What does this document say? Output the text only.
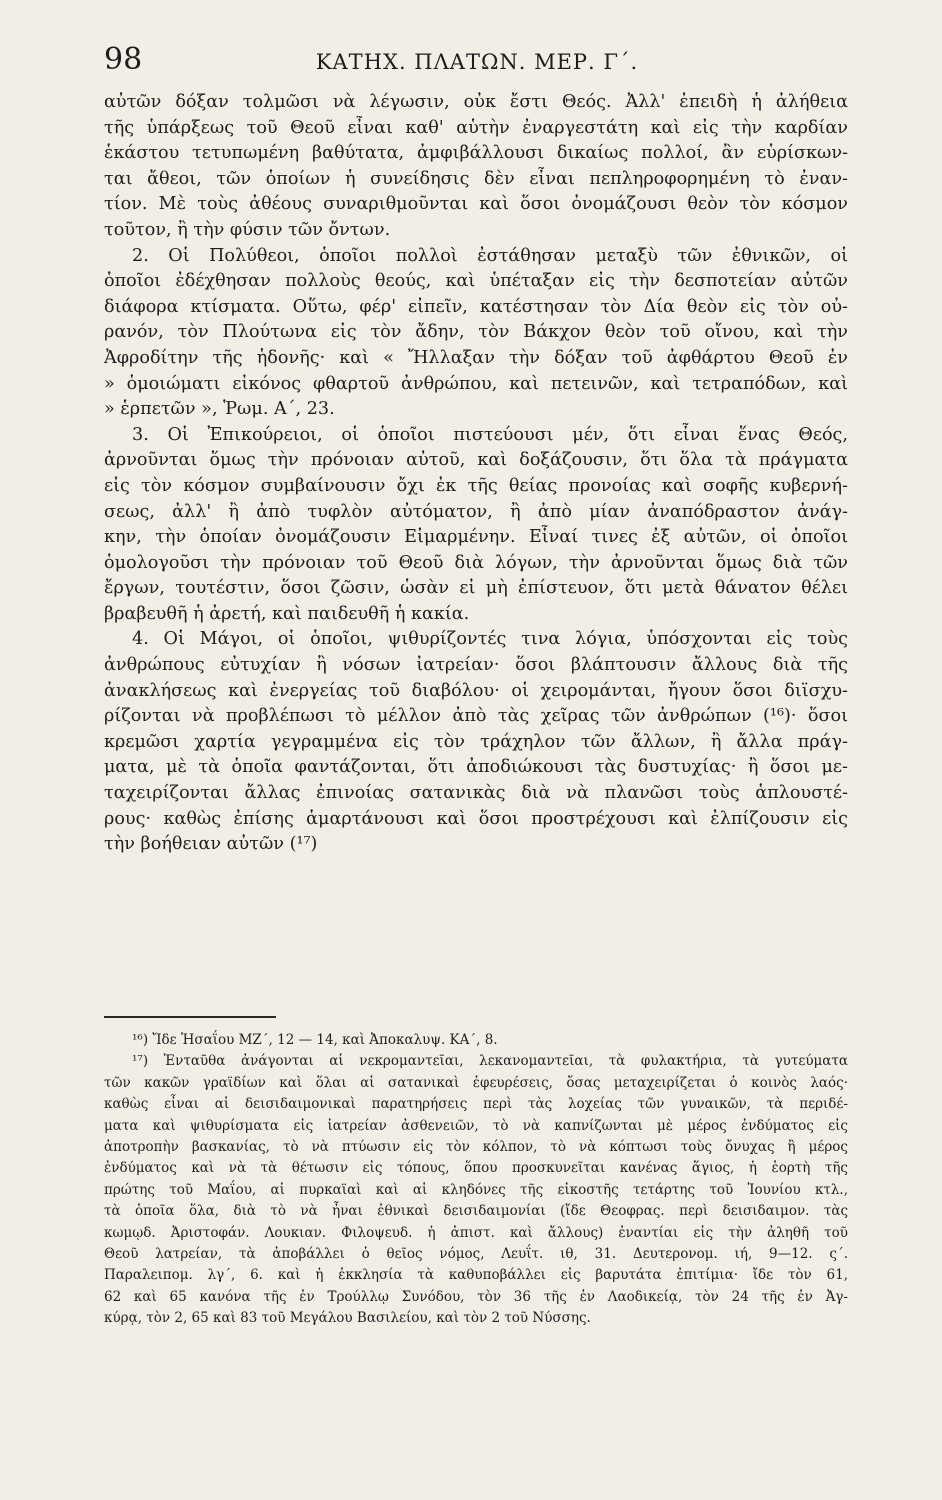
98	ΚΑΤΗΧ. ΠΛΑΤΩΝ. ΜΕΡ. Γ΄.
αὐτῶν δόξαν τολμῶσι νὰ λέγωσιν, οὐκ ἔστι Θεός. Ἀλλ' ἐπειδὴ ἡ ἀλήθεια
τῆς ὑπάρξεως τοῦ Θεοῦ εἶναι καθ' αὑτὴν ἐναργεστάτη καὶ εἰς τὴν καρδίαν
ἑκάστου τετυπωμένη βαθύτατα, ἀμφιβάλλουσι δικαίως πολλοί, ἂν εὑρίσκων-
ται ἄθεοι, τῶν ὁποίων ἡ συνείδησις δὲν εἶναι πεπληροφορημένη τὸ ἐναν-
τίον. Μὲ τοὺς ἀθέους συναριθμοῦνται καὶ ὅσοι ὀνομάζουσι θεὸν τὸν κόσμον
τοῦτον, ἢ τὴν φύσιν τῶν ὄντων.
2. Οἱ Πολύθεοι, ὁποῖοι πολλοὶ ἐστάθησαν μεταξὺ τῶν ἐθνικῶν, οἱ
ὁποῖοι ἐδέχθησαν πολλοὺς θεούς, καὶ ὑπέταξαν εἰς τὴν δεσποτείαν αὐτῶν
διάφορα κτίσματα. Οὕτω, φέρ' εἰπεῖν, κατέστησαν τὸν Δία θεὸν εἰς τὸν οὐ-
ρανόν, τὸν Πλούτωνα εἰς τὸν ἄδην, τὸν Βάκχον θεὸν τοῦ οἴνου, καὶ τὴν
Ἀφροδίτην τῆς ἡδονῆς· καὶ « Ἤλλαξαν τὴν δόξαν τοῦ ἀφθάρτου Θεοῦ ἐν
» ὁμοιώματι εἰκόνος φθαρτοῦ ἀνθρώπου, καὶ πετεινῶν, καὶ τετραπόδων, καὶ
» ἑρπετῶν », Ῥωμ. Α΄, 23.
3. Οἱ Ἐπικούρειοι, οἱ ὁποῖοι πιστεύουσι μέν, ὅτι εἶναι ἕνας Θεός,
ἀρνοῦνται ὅμως τὴν πρόνοιαν αὐτοῦ, καὶ δοξάζουσιν, ὅτι ὅλα τὰ πράγματα
εἰς τὸν κόσμον συμβαίνουσιν ὄχι ἐκ τῆς θείας προνοίας καὶ σοφῆς κυβερνή-
σεως, ἀλλ' ἢ ἀπὸ τυφλὸν αὐτόματον, ἢ ἀπὸ μίαν ἀναπόδραστον ἀνάγ-
κην, τὴν ὁποίαν ὀνομάζουσιν Εἱμαρμένην. Εἶναί τινες ἐξ αὐτῶν, οἱ ὁποῖοι
ὁμολογοῦσι τὴν πρόνοιαν τοῦ Θεοῦ διὰ λόγων, τὴν ἀρνοῦνται ὅμως διὰ τῶν
ἔργων, τουτέστιν, ὅσοι ζῶσιν, ὡσὰν εἰ μὴ ἐπίστευον, ὅτι μετὰ θάνατον θέλει
βραβευθῆ ἡ ἀρετή, καὶ παιδευθῆ ἡ κακία.
4. Οἱ Μάγοι, οἱ ὁποῖοι, ψιθυρίζοντές τινα λόγια, ὑπόσχονται εἰς τοὺς
ἀνθρώπους εὐτυχίαν ἢ νόσων ἰατρείαν· ὅσοι βλάπτουσιν ἄλλους διὰ τῆς
ἀνακλήσεως καὶ ἐνεργείας τοῦ διαβόλου· οἱ χειρομάνται, ἤγουν ὅσοι διϊσχυ-
ρίζονται νὰ προβλέπωσι τὸ μέλλον ἀπὸ τὰς χεῖρας τῶν ἀνθρώπων (¹⁶)· ὅσοι
κρεμῶσι χαρτία γεγραμμένα εἰς τὸν τράχηλον τῶν ἄλλων, ἢ ἄλλα πράγ-
ματα, μὲ τὰ ὁποῖα φαντάζονται, ὅτι ἀποδιώκουσι τὰς δυστυχίας· ἢ ὅσοι με-
ταχειρίζονται ἄλλας ἐπινοίας σατανικὰς διὰ νὰ πλανῶσι τοὺς ἁπλουστέ-
ρους· καθὼς ἐπίσης ἁμαρτάνουσι καὶ ὅσοι προστρέχουσι καὶ ἐλπίζουσιν εἰς
τὴν βοήθειαν αὐτῶν (¹⁷)
¹⁶) Ἴδε Ἡσαΐου ΜΖ΄, 12 — 14, καὶ Ἀποκαλυψ. ΚΑ΄, 8.
¹⁷) Ἐνταῦθα ἀνάγονται αἱ νεκρομαντεῖαι, λεκανομαντεῖαι, τὰ φυλακτήρια, τὰ γυτεύματα
τῶν κακῶν γραϊδίων καὶ ὅλαι αἱ σατανικαὶ ἐφευρέσεις, ὅσας μεταχειρίζεται ὁ κοινὸς λαός·
καθὼς εἶναι αἱ δεισιδαιμονικαὶ παρατηρήσεις περὶ τὰς λοχείας τῶν γυναικῶν, τὰ περιδέ-
ματα καὶ ψιθυρίσματα εἰς ἰατρείαν ἀσθενειῶν, τὸ νὰ καπνίζωνται μὲ μέρος ἐνδύματος εἰς
ἀποτροπὴν βασκανίας, τὸ νὰ πτύωσιν εἰς τὸν κόλπον, τὸ νὰ κόπτωσι τοὺς ὄνυχας ἢ μέρος
ἐνδύματος καὶ νὰ τὰ θέτωσιν εἰς τόπους, ὅπου προσκυνεῖται κανένας ἅγιος, ἡ ἑορτὴ τῆς
πρώτης τοῦ Μαΐου, αἱ πυρκαϊαὶ καὶ αἱ κληδόνες τῆς εἰκοστῆς τετάρτης τοῦ Ἰουνίου κτλ.,
τὰ ὁποῖα ὅλα, διὰ τὸ νὰ ἦναι ἐθνικαὶ δεισιδαιμονίαι (ἴδε Θεοφρας. περὶ δεισιδαιμον. τὰς
κωμῳδ. Ἀριστοφάν. Λουκιαν. Φιλοψευδ. ἡ ἀπιστ. καὶ ἄλλους) ἐναντίαι εἰς τὴν ἀληθῆ τοῦ
Θεοῦ λατρείαν, τὰ ἀποβάλλει ὁ θεῖος νόμος, Λευΐτ. ιθ, 31. Δευτερονομ. ιή, 9—12. ς΄.
Παραλειπομ. λγ΄, 6. καὶ ἡ ἐκκλησία τὰ καθυποβάλλει εἰς βαρυτάτα ἐπιτίμια· ἴδε τὸν 61,
62 καὶ 65 κανόνα τῆς ἐν Τρούλλῳ Συνόδου, τὸν 36 τῆς ἐν Λαοδικείᾳ, τὸν 24 τῆς ἐν Ἀγ-
κύρᾳ, τὸν 2, 65 καὶ 83 τοῦ Μεγάλου Βασιλείου, καὶ τὸν 2 τοῦ Νύσσης.
